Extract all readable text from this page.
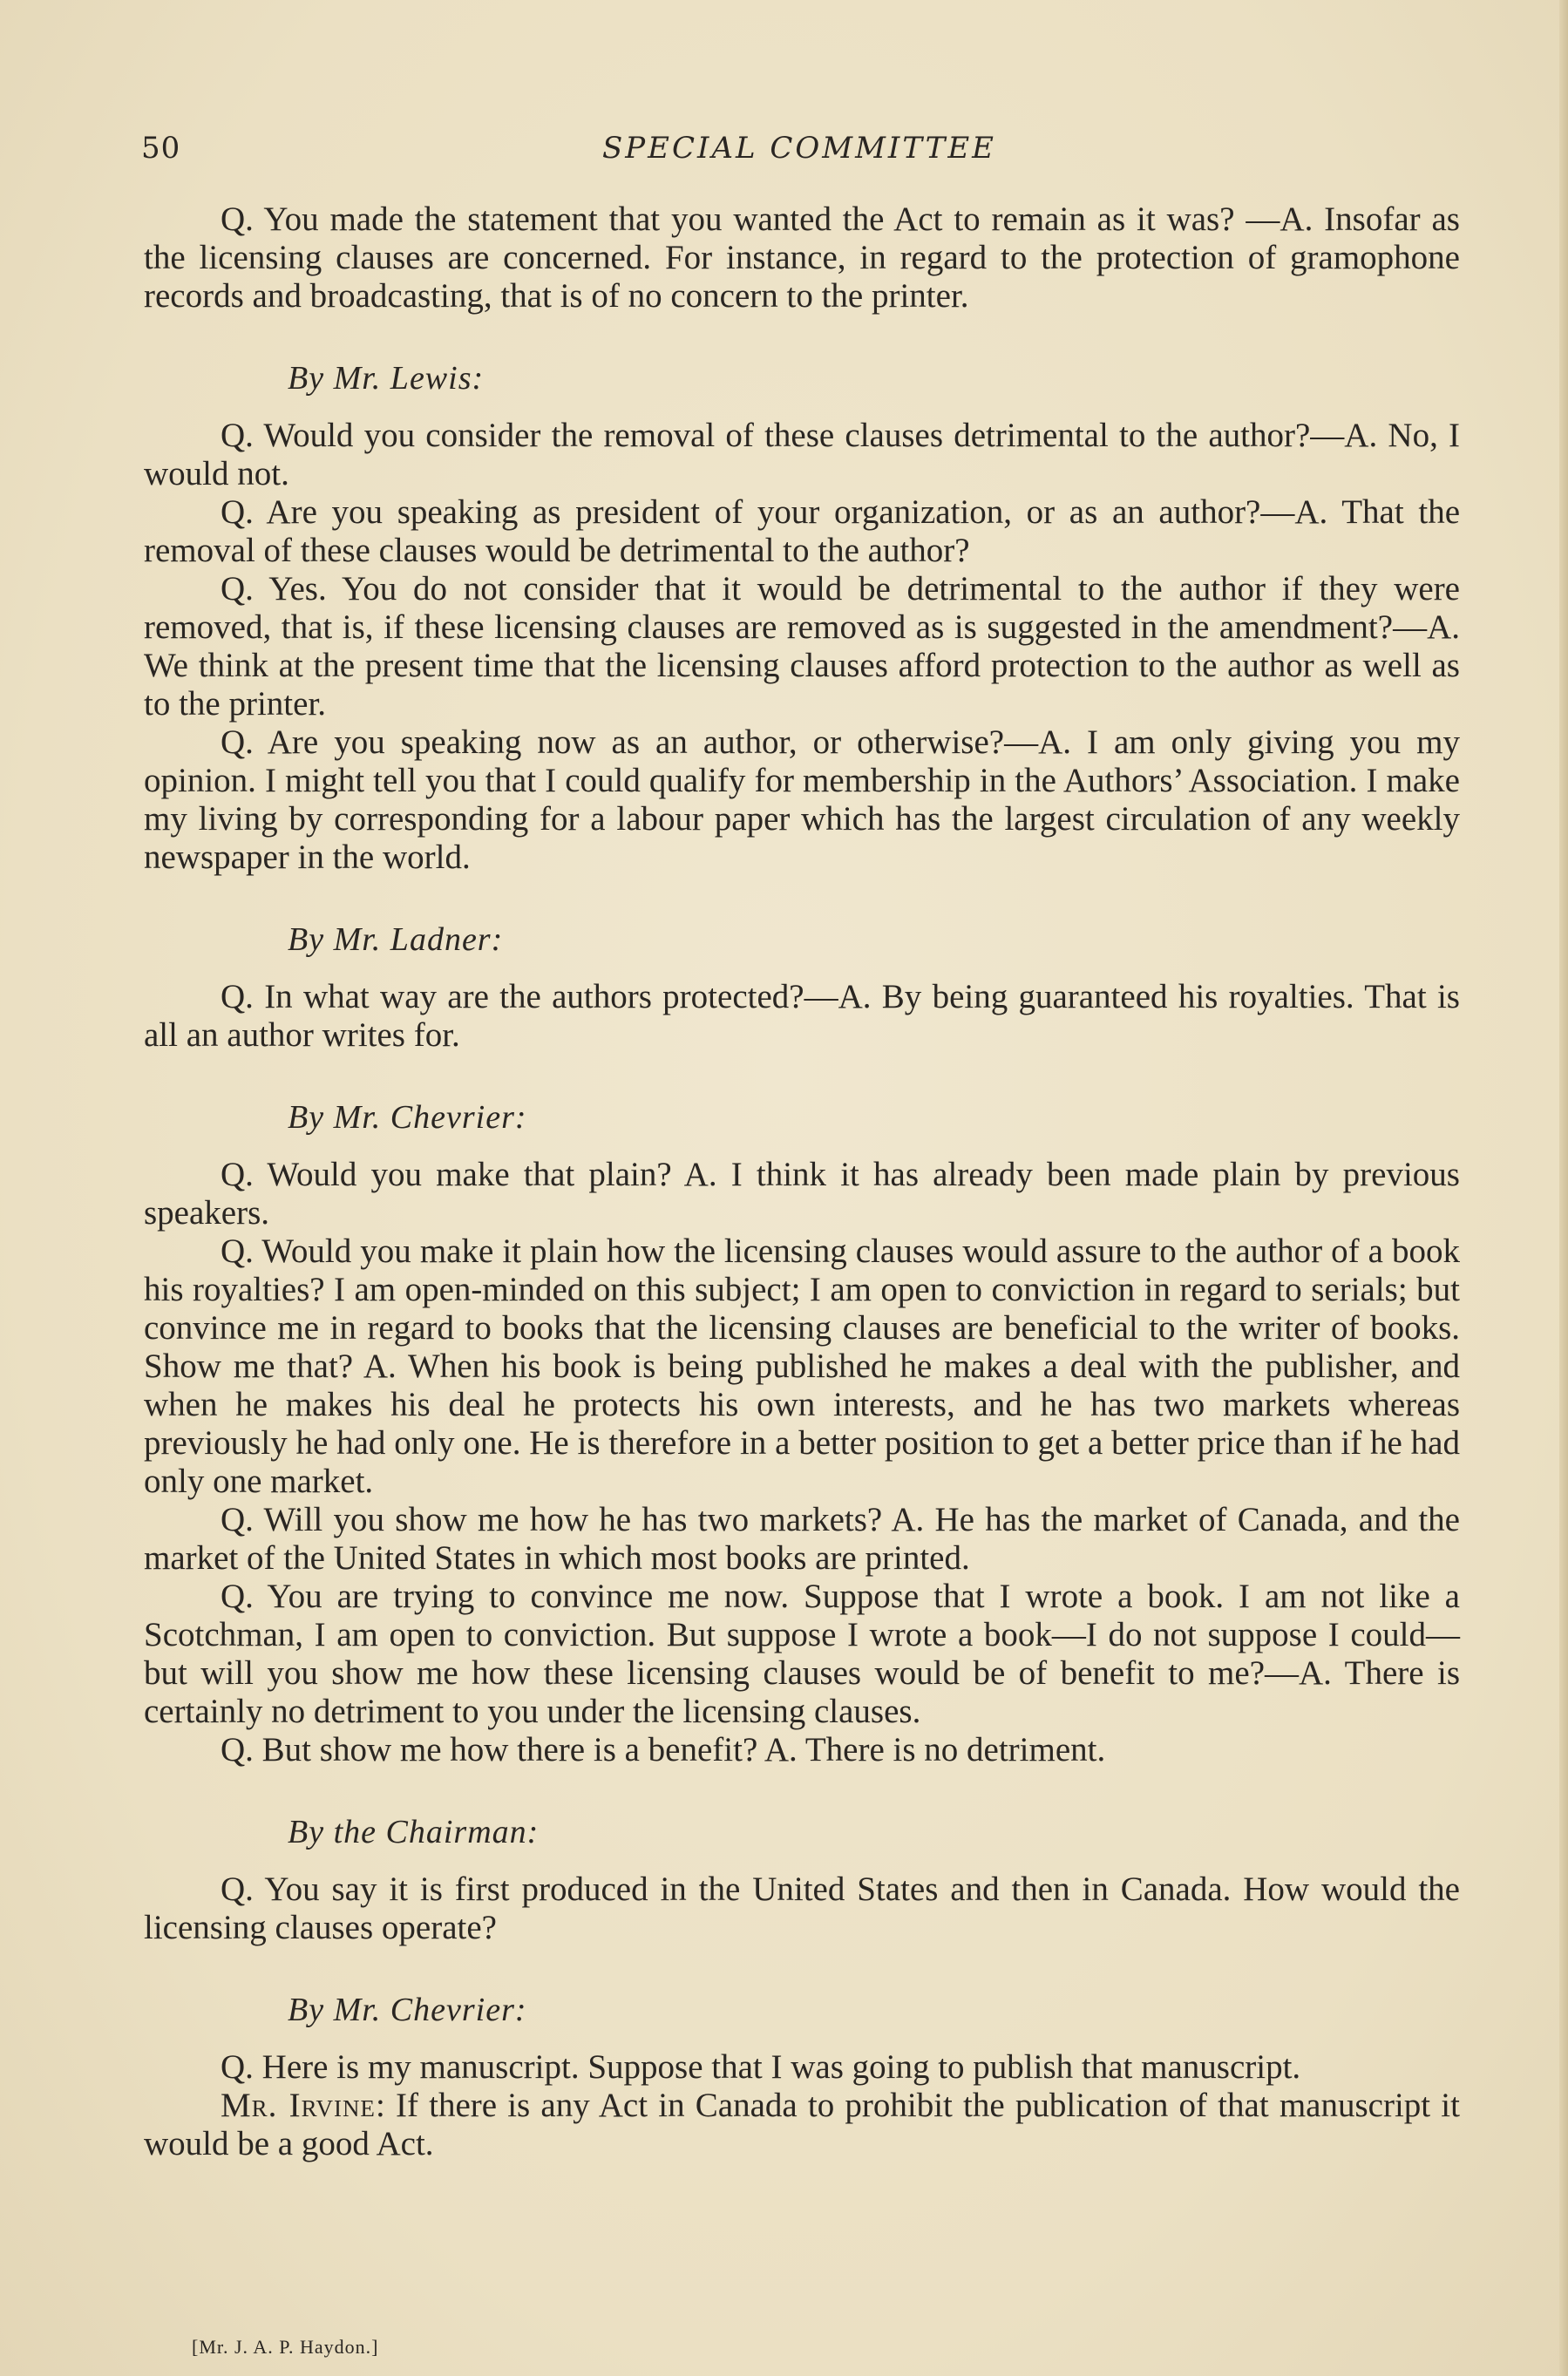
50	SPECIAL COMMITTEE

Q. You made the statement that you wanted the Act to remain as it was? —A. Insofar as the licensing clauses are concerned. For instance, in regard to the protection of gramophone records and broadcasting, that is of no concern to the printer.

By Mr. Lewis:

Q. Would you consider the removal of these clauses detrimental to the author?—A. No, I would not.

Q. Are you speaking as president of your organization, or as an author?—A. That the removal of these clauses would be detrimental to the author?

Q. Yes. You do not consider that it would be detrimental to the author if they were removed, that is, if these licensing clauses are removed as is suggested in the amendment?—A. We think at the present time that the licensing clauses afford protection to the author as well as to the printer.

Q. Are you speaking now as an author, or otherwise?—A. I am only giving you my opinion. I might tell you that I could qualify for membership in the Authors’ Association. I make my living by corresponding for a labour paper which has the largest circulation of any weekly newspaper in the world.

By Mr. Ladner:

Q. In what way are the authors protected?—A. By being guaranteed his royalties. That is all an author writes for.

By Mr. Chevrier:

Q. Would you make that plain? A. I think it has already been made plain by previous speakers.

Q. Would you make it plain how the licensing clauses would assure to the author of a book his royalties? I am open-minded on this subject; I am open to conviction in regard to serials; but convince me in regard to books that the licensing clauses are beneficial to the writer of books. Show me that? A. When his book is being published he makes a deal with the publisher, and when he makes his deal he protects his own interests, and he has two markets whereas previously he had only one. He is therefore in a better position to get a better price than if he had only one market.

Q. Will you show me how he has two markets? A. He has the market of Canada, and the market of the United States in which most books are printed.

Q. You are trying to convince me now. Suppose that I wrote a book. I am not like a Scotchman, I am open to conviction. But suppose I wrote a book—I do not suppose I could—but will you show me how these licensing clauses would be of benefit to me?—A. There is certainly no detriment to you under the licensing clauses.

Q. But show me how there is a benefit? A. There is no detriment.

By the Chairman:

Q. You say it is first produced in the United States and then in Canada. How would the licensing clauses operate?

By Mr. Chevrier:

Q. Here is my manuscript. Suppose that I was going to publish that manuscript.

Mr. Irvine: If there is any Act in Canada to prohibit the publication of that manuscript it would be a good Act.

[Mr. J. A. P. Haydon.]
